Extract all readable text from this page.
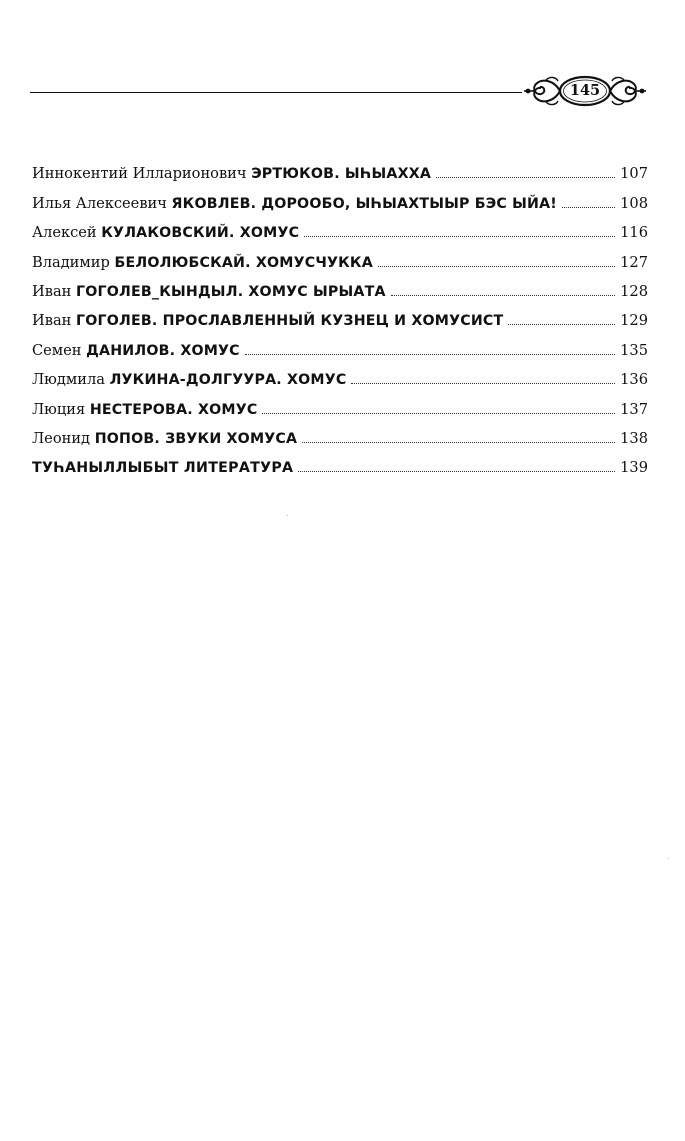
145
Иннокентий Илларионович ЭРТЮКОВ. ЫҺЫАХХА	107
Илья Алексеевич ЯКОВЛЕВ. ДОРООБО, ЫҺЫАХТЫЫР БЭС ЫЙА!	108
Алексей КУЛАКОВСКИЙ. ХОМУС	116
Владимир БЕЛОЛЮБСКАЙ. ХОМУСЧУККА	127
Иван ГОГОЛЕВ_КЫНДЫЛ. ХОМУС ЫРЫАТА	128
Иван ГОГОЛЕВ. ПРОСЛАВЛЕННЫЙ КУЗНЕЦ И ХОМУСИСТ	129
Семен ДАНИЛОВ. ХОМУС	135
Людмила ЛУКИНА-ДОЛГУУРА. ХОМУС	136
Люция НЕСТЕРОВА. ХОМУС	137
Леонид ПОПОВ. ЗВУКИ ХОМУСА	138
ТУҺАНЫЛЛЫБЫТ ЛИТЕРАТУРА	139
